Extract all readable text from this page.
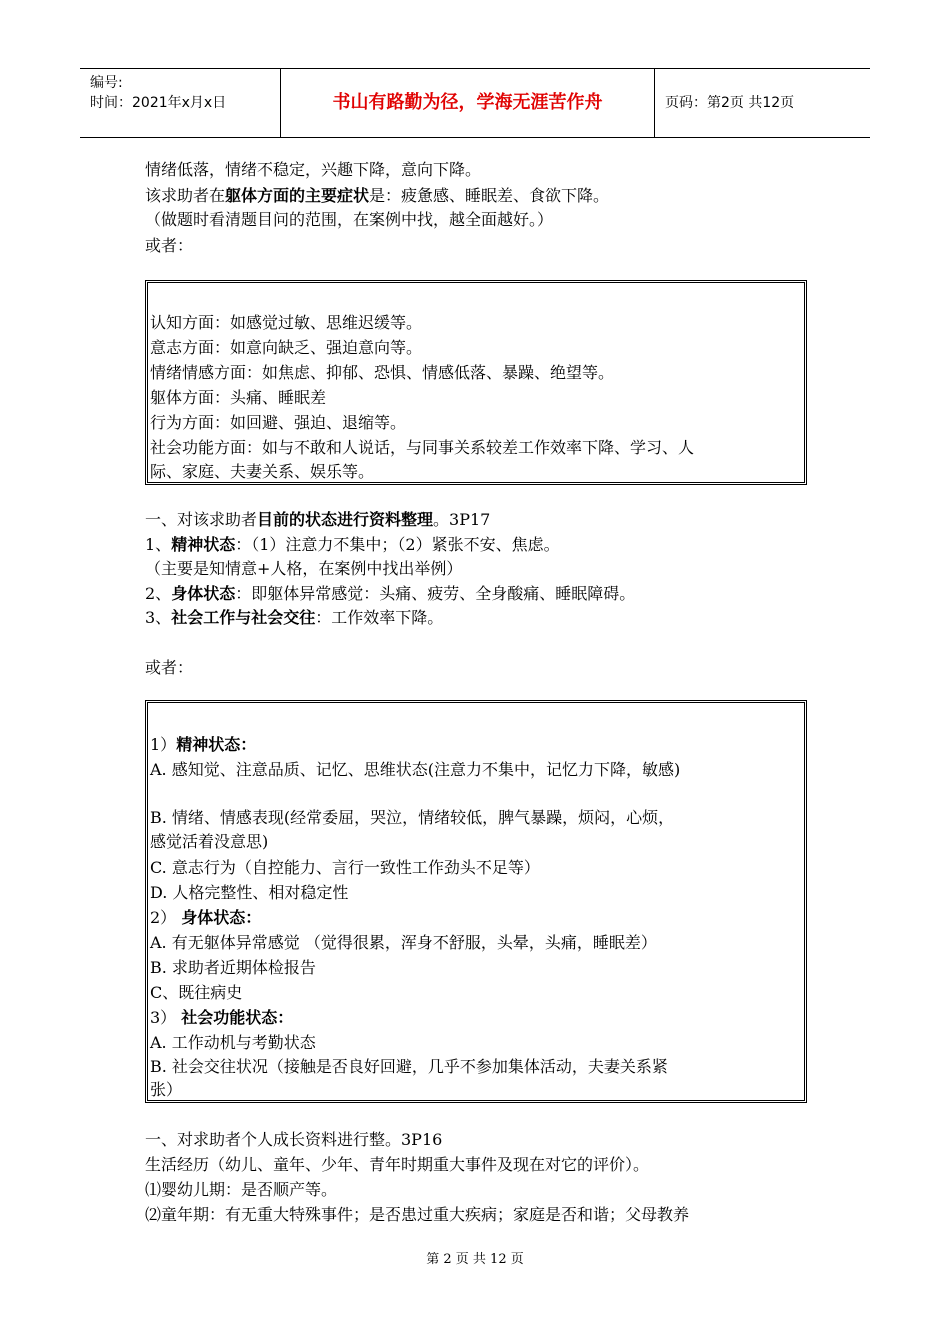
编号:
时间：2021年x月x日	书山有路勤为径，学海无涯苦作舟	页码：第2页 共12页
情绪低落，情绪不稳定，兴趣下降，意向下降。
该求助者在躯体方面的主要症状是：疲惫感、睡眠差、食欲下降。
（做题时看清题目问的范围，在案例中找，越全面越好。）
或者：
认知方面：如感觉过敏、思维迟缓等。
意志方面：如意向缺乏、强迫意向等。
情绪情感方面：如焦虑、抑郁、恐惧、情感低落、暴躁、绝望等。
躯体方面：头痛、睡眠差
行为方面：如回避、强迫、退缩等。
社会功能方面：如与不敢和人说话，与同事关系较差工作效率下降、学习、人
际、家庭、夫妻关系、娱乐等。
一、对该求助者目前的状态进行资料整理。3P17
1、精神状态：（1）注意力不集中；（2）紧张不安、焦虑。
（主要是知情意+人格，在案例中找出举例）
2、身体状态：即躯体异常感觉：头痛、疲劳、全身酸痛、睡眠障碍。
3、社会工作与社会交往：工作效率下降。
或者：
1）精神状态：
A. 感知觉、注意品质、记忆、思维状态(注意力不集中，记忆力下降，敏感)
B. 情绪、情感表现(经常委屈，哭泣，情绪较低，脾气暴躁，烦闷，心烦，
感觉活着没意思)
C. 意志行为（自控能力、言行一致性工作劲头不足等）
D. 人格完整性、相对稳定性
2） 身体状态：
A. 有无躯体异常感觉 （觉得很累，浑身不舒服，头晕，头痛，睡眠差）
B. 求助者近期体检报告
C、既往病史
3） 社会功能状态：
A. 工作动机与考勤状态
B. 社会交往状况（接触是否良好回避，几乎不参加集体活动，夫妻关系紧
张）
一、对求助者个人成长资料进行整。3P16
生活经历（幼儿、童年、少年、青年时期重大事件及现在对它的评价）。
⑴婴幼儿期：是否顺产等。
⑵童年期：有无重大特殊事件；是否患过重大疾病；家庭是否和谐；父母教养
第 2 页 共 12 页
